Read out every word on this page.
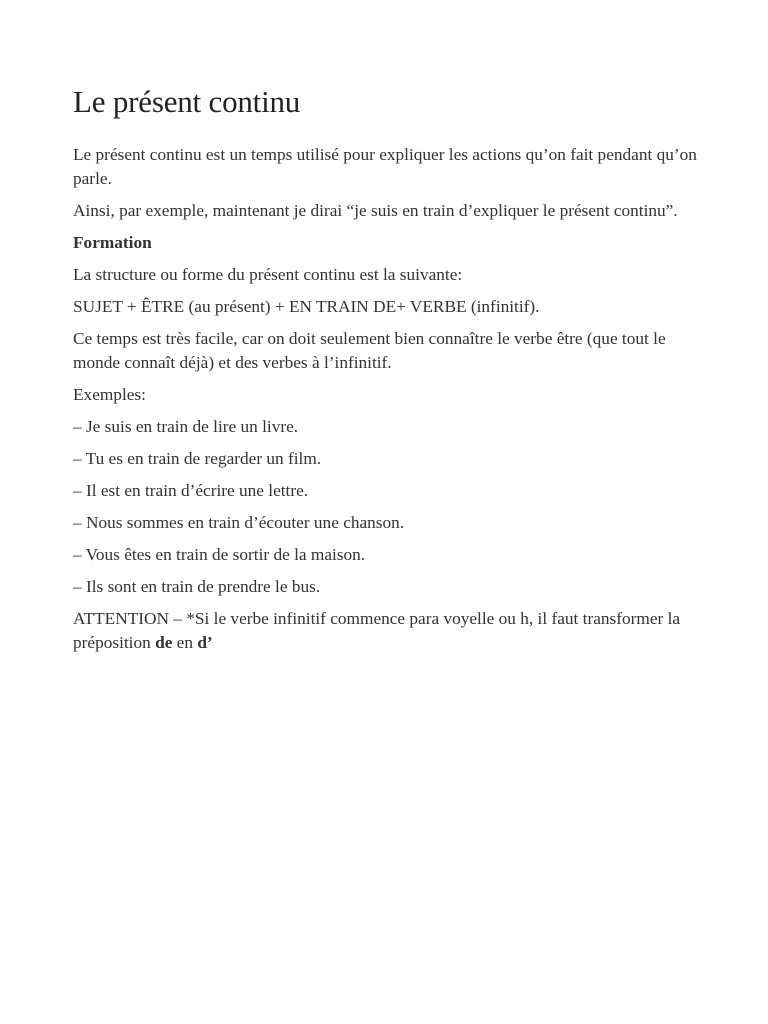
Le présent continu

Le présent continu est un temps utilisé pour expliquer les actions qu’on fait pendant qu’on parle.

Ainsi, par exemple, maintenant je dirai “je suis en train d’expliquer le présent continu”.

Formation

La structure ou forme du présent continu est la suivante:

SUJET + ÊTRE (au présent) + EN TRAIN DE+ VERBE (infinitif).

Ce temps est très facile, car on doit seulement bien connaître le verbe être (que tout le monde connaît déjà) et des verbes à l’infinitif.

Exemples:

– Je suis en train de lire un livre.

– Tu es en train de regarder un film.

– Il est en train d’écrire une lettre.

– Nous sommes en train d’écouter une chanson.

– Vous êtes en train de sortir de la maison.

– Ils sont en train de prendre le bus.

ATTENTION – *Si le verbe infinitif commence para voyelle ou h, il faut transformer la préposition de en d’
